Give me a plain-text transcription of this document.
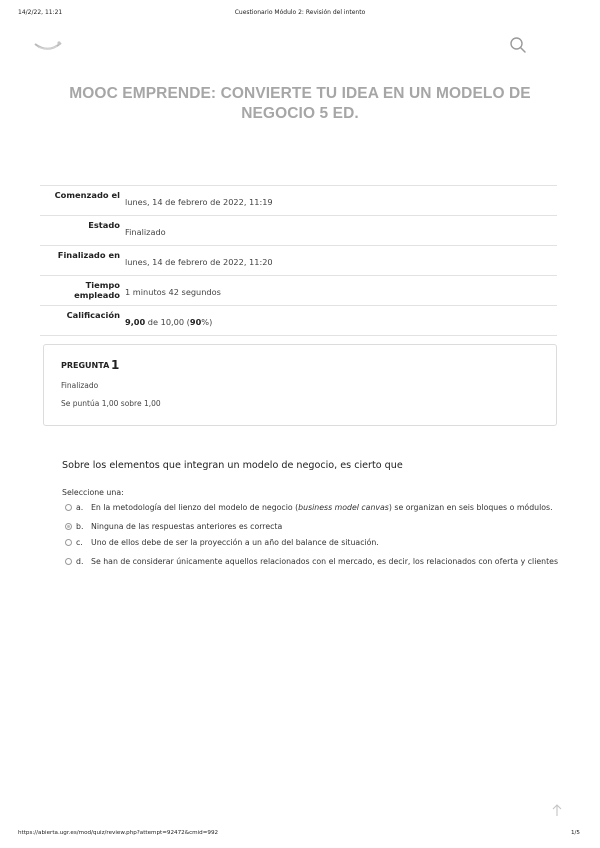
14/2/22, 11:21	Cuestionario Módulo 2: Revisión del intento
MOOC EMPRENDE: CONVIERTE TU IDEA EN UN MODELO DE NEGOCIO 5 ED.
Comenzado el	lunes, 14 de febrero de 2022, 11:19
Estado	Finalizado
Finalizado en	lunes, 14 de febrero de 2022, 11:20
Tiempo empleado	1 minutos 42 segundos
Calificación	9,00 de 10,00 (90%)
PREGUNTA 1
Finalizado
Se puntúa 1,00 sobre 1,00
Sobre los elementos que integran un modelo de negocio, es cierto que
Seleccione una:
a. En la metodología del lienzo del modelo de negocio (business model canvas) se organizan en seis bloques o módulos.
b. Ninguna de las respuestas anteriores es correcta
c. Uno de ellos debe de ser la proyección a un año del balance de situación.
d. Se han de considerar únicamente aquellos relacionados con el mercado, es decir, los relacionados con oferta y clientes
https://abierta.ugr.es/mod/quiz/review.php?attempt=92472&cmid=992	1/5
